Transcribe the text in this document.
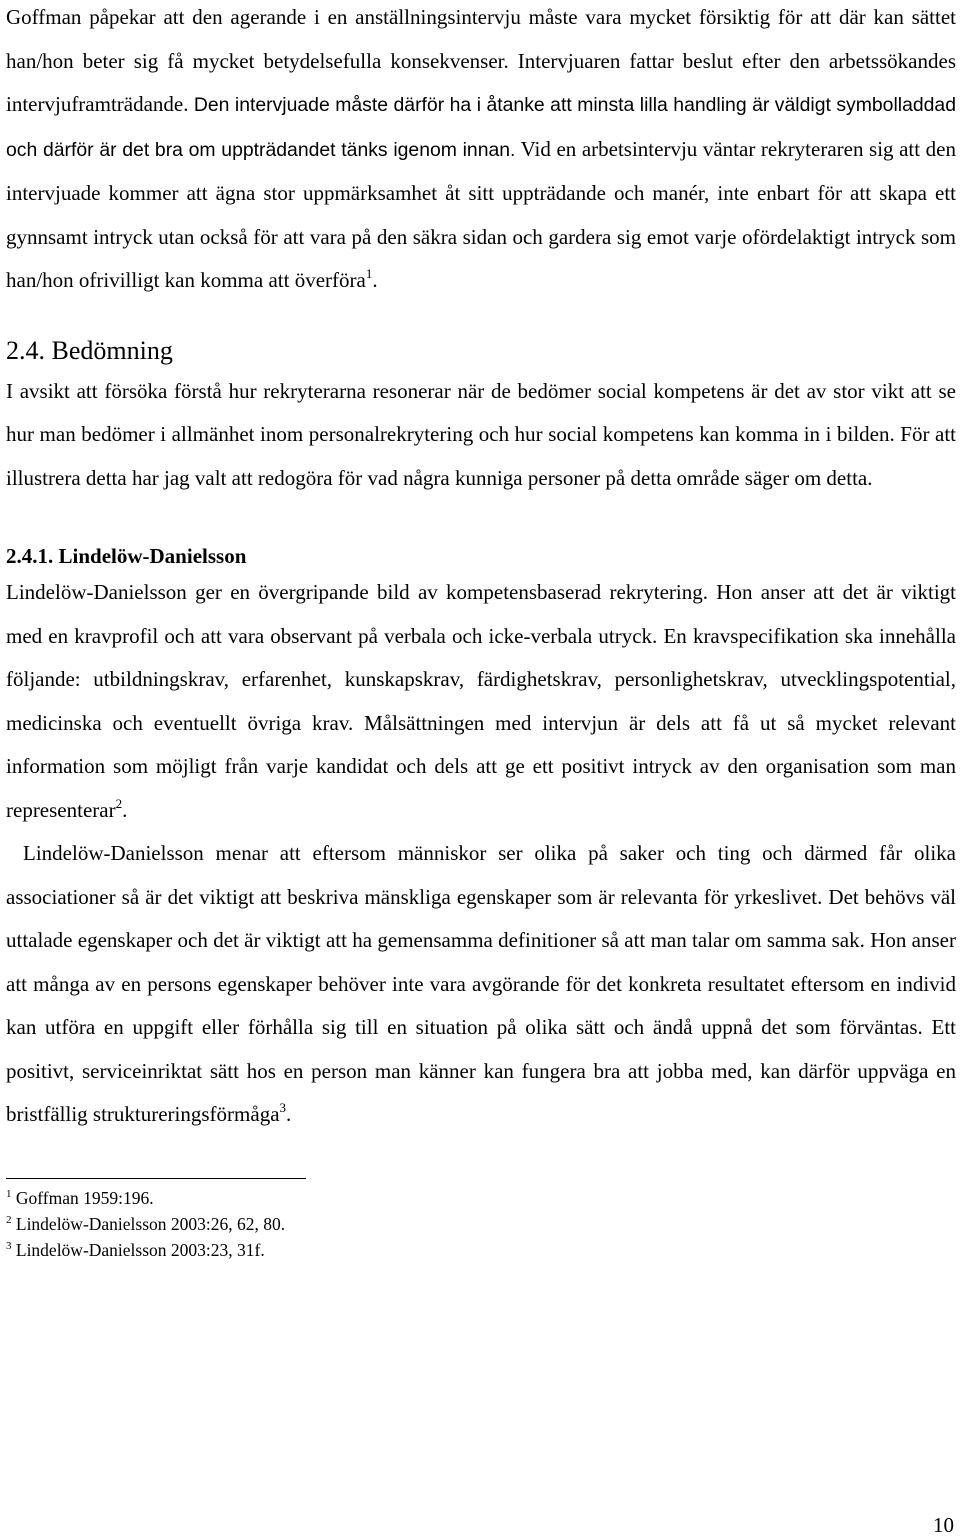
Goffman påpekar att den agerande i en anställningsintervju måste vara mycket försiktig för att där kan sättet han/hon beter sig få mycket betydelsefulla konsekvenser. Intervjuaren fattar beslut efter den arbetssökandes intervjuframträdande. Den intervjuade måste därför ha i åtanke att minsta lilla handling är väldigt symbolladdad och därför är det bra om uppträdandet tänks igenom innan. Vid en arbetsintervju väntar rekryteraren sig att den intervjuade kommer att ägna stor uppmärksamhet åt sitt uppträdande och manér, inte enbart för att skapa ett gynnsamt intryck utan också för att vara på den säkra sidan och gardera sig emot varje ofördelaktigt intryck som han/hon ofrivilligt kan komma att överföra$^1$.

2.4. Bedömning

I avsikt att försöka förstå hur rekryterarna resonerar när de bedömer social kompetens är det av stor vikt att se hur man bedömer i allmänhet inom personalrekrytering och hur social kompetens kan komma in i bilden. För att illustrera detta har jag valt att redogöra för vad några kunniga personer på detta område säger om detta.

2.4.1. Lindelöw-Danielsson

Lindelöw-Danielsson ger en övergripande bild av kompetensbaserad rekrytering. Hon anser att det är viktigt med en kravprofil och att vara observant på verbala och icke-verbala utryck. En kravspecifikation ska innehålla följande: utbildningskrav, erfarenhet, kunskapskrav, färdighetskrav, personlighetskrav, utvecklingspotential, medicinska och eventuellt övriga krav. Målsättningen med intervjun är dels att få ut så mycket relevant information som möjligt från varje kandidat och dels att ge ett positivt intryck av den organisation som man representerar$^2$.

Lindelöw-Danielsson menar att eftersom människor ser olika på saker och ting och därmed får olika associationer så är det viktigt att beskriva mänskliga egenskaper som är relevanta för yrkeslivet. Det behövs väl uttalade egenskaper och det är viktigt att ha gemensamma definitioner så att man talar om samma sak. Hon anser att många av en persons egenskaper behöver inte vara avgörande för det konkreta resultatet eftersom en individ kan utföra en uppgift eller förhålla sig till en situation på olika sätt och ändå uppnå det som förväntas. Ett positivt, serviceinriktat sätt hos en person man känner kan fungera bra att jobba med, kan därför uppväga en bristfällig struktureringsförmåga$^3$.

$^1$ Goffman 1959:196.
$^2$ Lindelöw-Danielsson 2003:26, 62, 80.
$^3$ Lindelöw-Danielsson 2003:23, 31f.
10
